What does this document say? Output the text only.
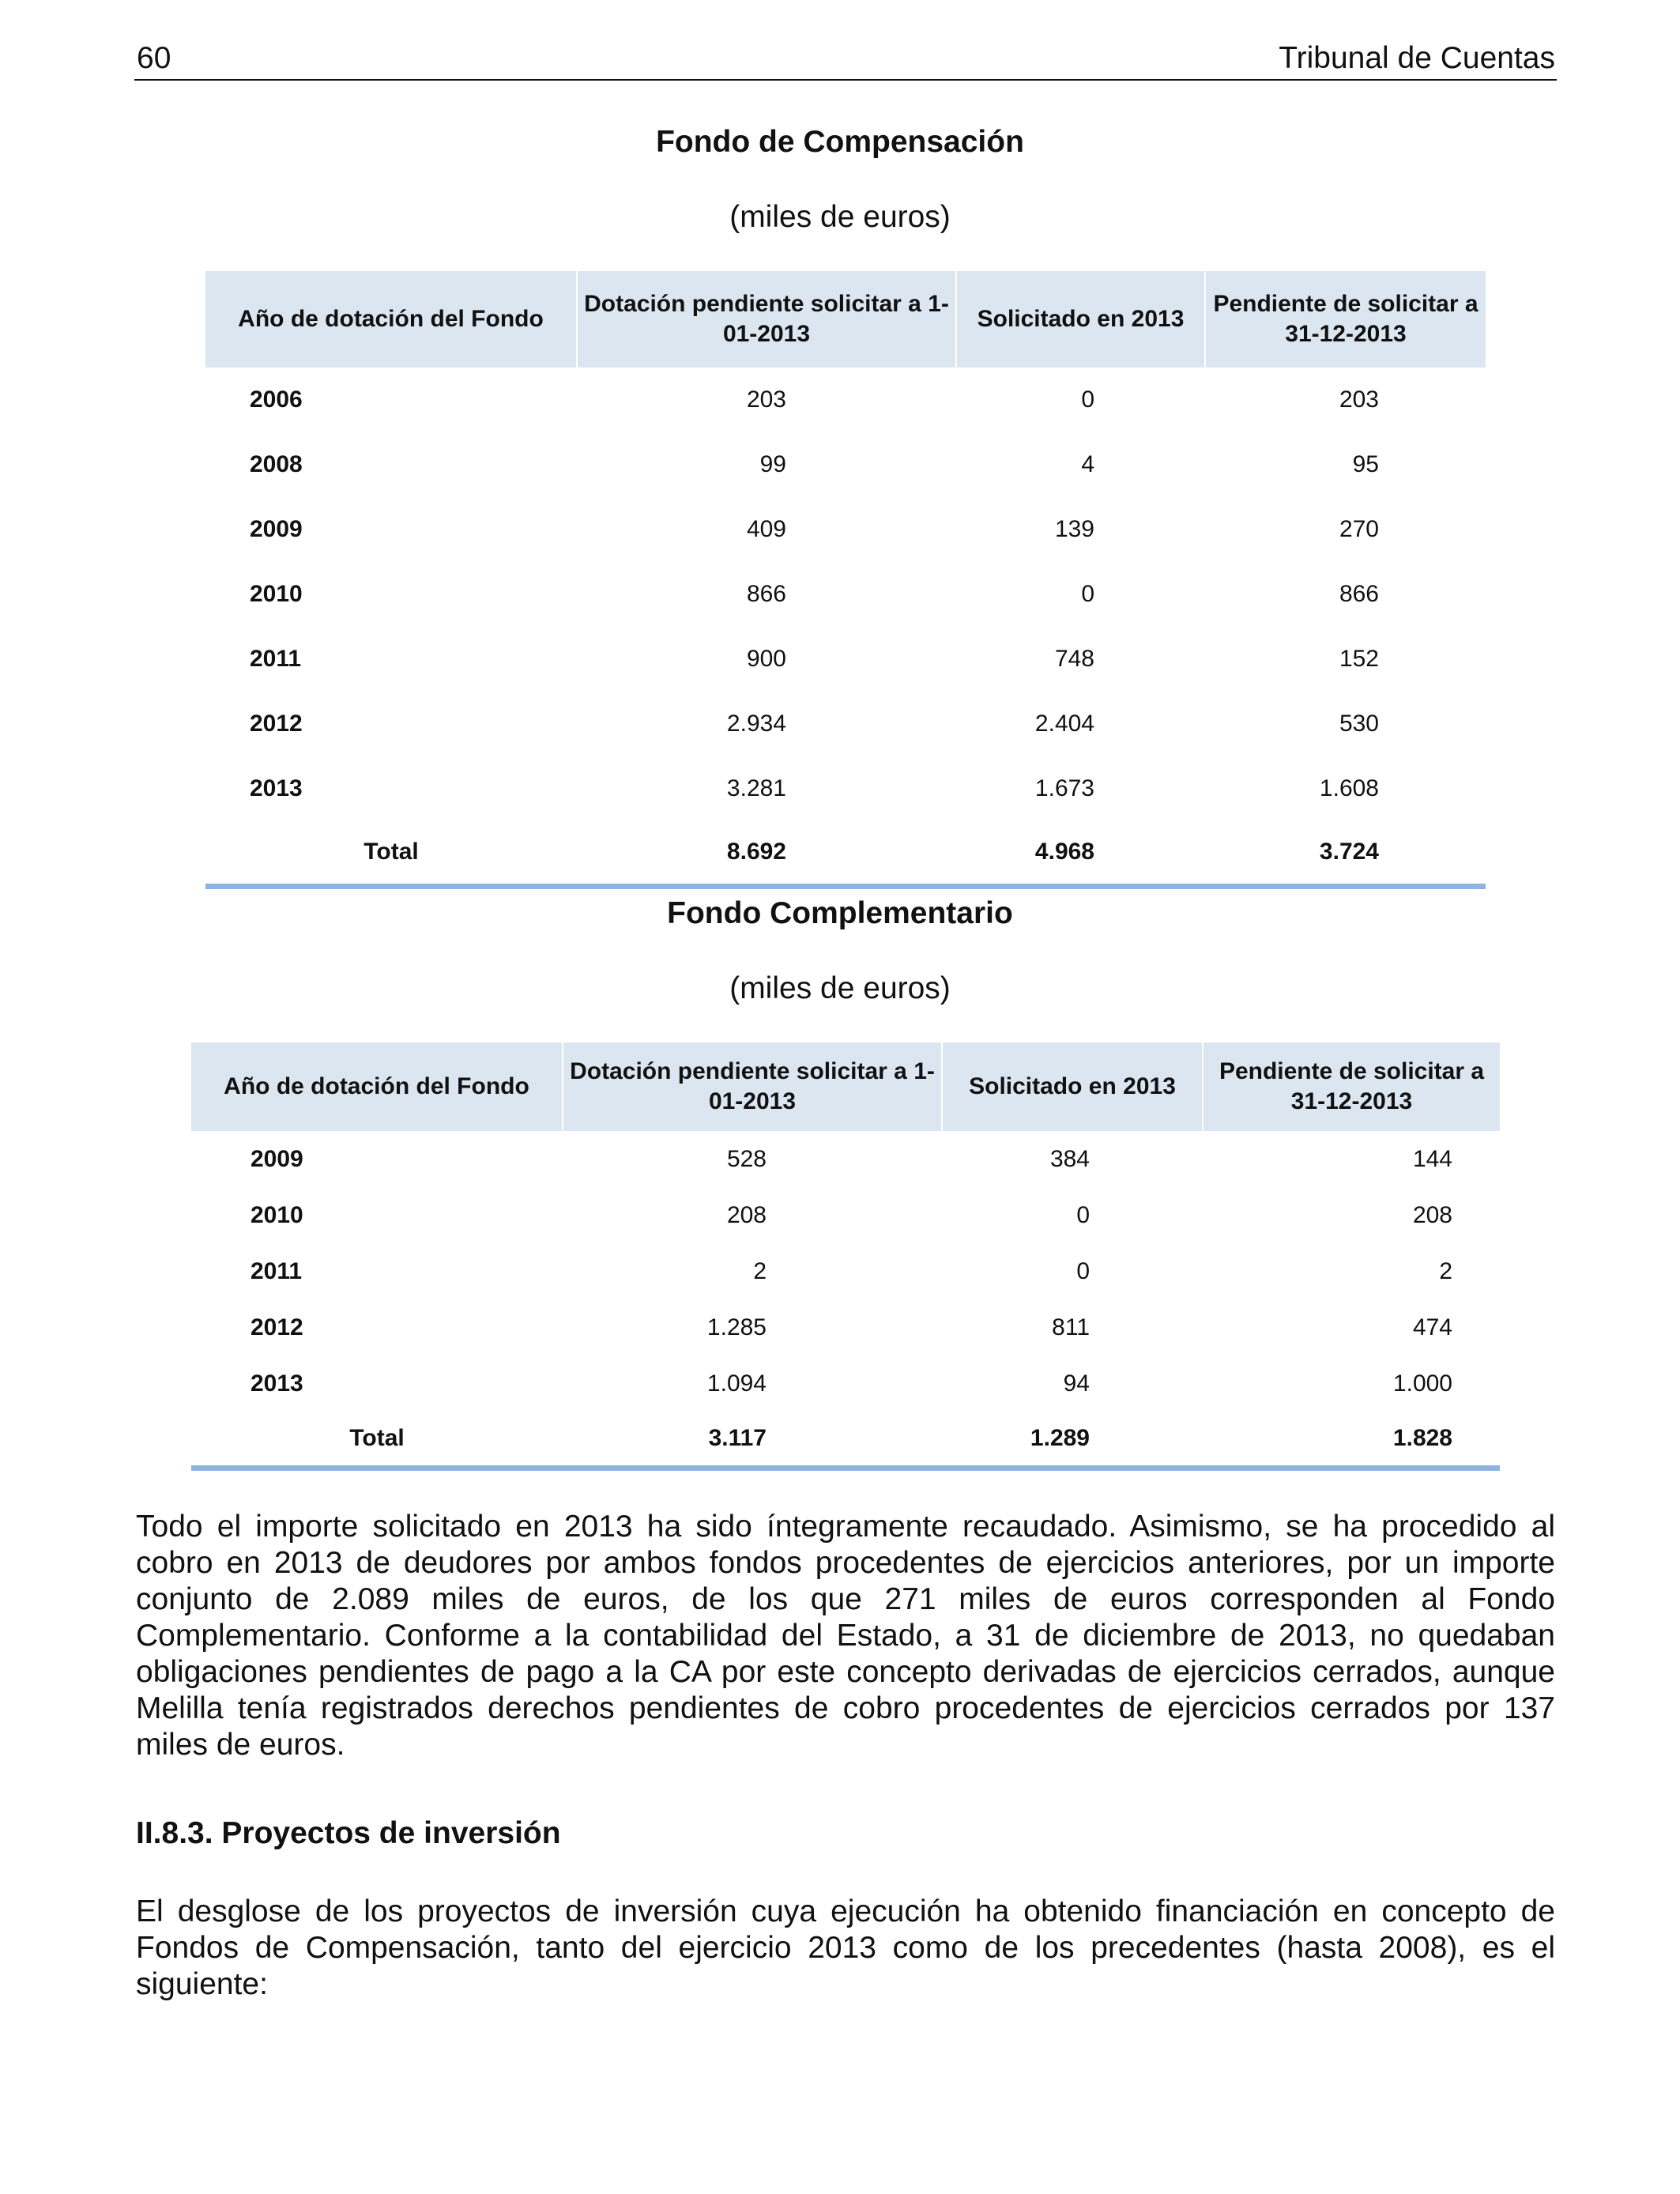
60	Tribunal de Cuentas
Fondo de Compensación
(miles de euros)
Año de dotación del Fondo	Dotación pendiente solicitar a 1-01-2013	Solicitado en 2013	Pendiente de solicitar a 31-12-2013
2006	203	0	203
2008	99	4	95
2009	409	139	270
2010	866	0	866
2011	900	748	152
2012	2.934	2.404	530
2013	3.281	1.673	1.608
Total	8.692	4.968	3.724
Fondo Complementario
(miles de euros)
Año de dotación del Fondo	Dotación pendiente solicitar a 1-01-2013	Solicitado en 2013	Pendiente de solicitar a 31-12-2013
2009	528	384	144
2010	208	0	208
2011	2	0	2
2012	1.285	811	474
2013	1.094	94	1.000
Total	3.117	1.289	1.828

Todo el importe solicitado en 2013 ha sido íntegramente recaudado. Asimismo, se ha procedido al cobro en 2013 de deudores por ambos fondos procedentes de ejercicios anteriores, por un importe conjunto de 2.089 miles de euros, de los que 271 miles de euros corresponden al Fondo Complementario. Conforme a la contabilidad del Estado, a 31 de diciembre de 2013, no quedaban obligaciones pendientes de pago a la CA por este concepto derivadas de ejercicios cerrados, aunque Melilla tenía registrados derechos pendientes de cobro procedentes de ejercicios cerrados por 137 miles de euros.

II.8.3. Proyectos de inversión

El desglose de los proyectos de inversión cuya ejecución ha obtenido financiación en concepto de Fondos de Compensación, tanto del ejercicio 2013 como de los precedentes (hasta 2008), es el siguiente:
